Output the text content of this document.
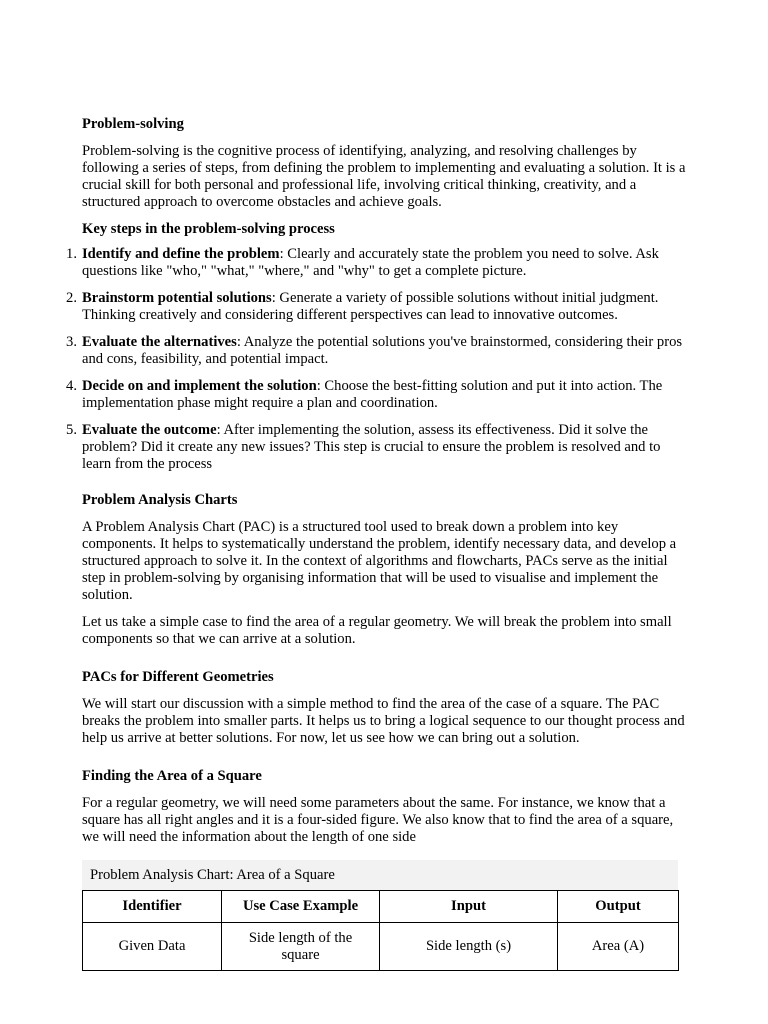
Problem-solving

Problem-solving is the cognitive process of identifying, analyzing, and resolving challenges by following a series of steps, from defining the problem to implementing and evaluating a solution. It is a crucial skill for both personal and professional life, involving critical thinking, creativity, and a structured approach to overcome obstacles and achieve goals.

Key steps in the problem-solving process
1. Identify and define the problem: Clearly and accurately state the problem you need to solve. Ask questions like "who," "what," "where," and "why" to get a complete picture.
2. Brainstorm potential solutions: Generate a variety of possible solutions without initial judgment. Thinking creatively and considering different perspectives can lead to innovative outcomes.
3. Evaluate the alternatives: Analyze the potential solutions you've brainstormed, considering their pros and cons, feasibility, and potential impact.
4. Decide on and implement the solution: Choose the best-fitting solution and put it into action. The implementation phase might require a plan and coordination.
5. Evaluate the outcome: After implementing the solution, assess its effectiveness. Did it solve the problem? Did it create any new issues? This step is crucial to ensure the problem is resolved and to learn from the process
Problem Analysis Charts

A Problem Analysis Chart (PAC) is a structured tool used to break down a problem into key components. It helps to systematically understand the problem, identify necessary data, and develop a structured approach to solve it. In the context of algorithms and flowcharts, PACs serve as the initial step in problem-solving by organising information that will be used to visualise and implement the solution.

Let us take a simple case to find the area of a regular geometry. We will break the problem into small components so that we can arrive at a solution.

PACs for Different Geometries

We will start our discussion with a simple method to find the area of the case of a square. The PAC breaks the problem into smaller parts. It helps us to bring a logical sequence to our thought process and help us arrive at better solutions. For now, let us see how we can bring out a solution.

Finding the Area of a Square

For a regular geometry, we will need some parameters about the same. For instance, we know that a square has all right angles and it is a four-sided figure. We also know that to find the area of a square, we will need the information about the length of one side

Problem Analysis Chart: Area of a Square
Identifier	Use Case Example	Input	Output
Given Data	Side length of the square	Side length (s)	Area (A)
